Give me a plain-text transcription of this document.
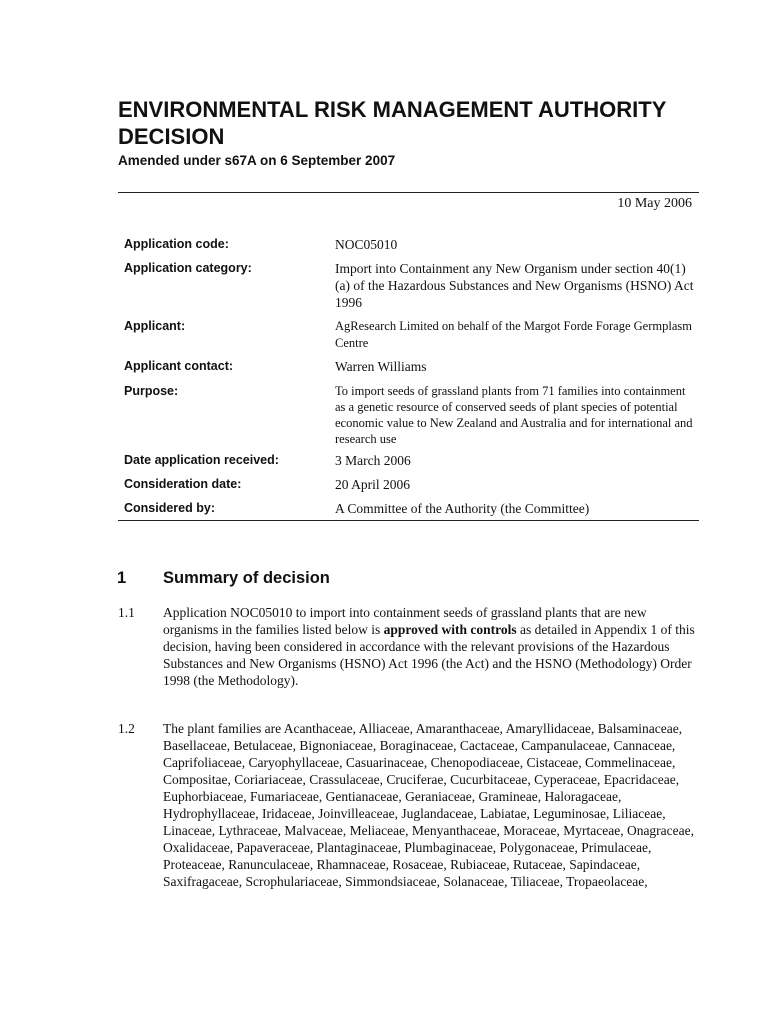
ENVIRONMENTAL RISK MANAGEMENT AUTHORITY DECISION
Amended under s67A on 6 September 2007
10 May 2006
Application code:	NOC05010
Application category:	Import into Containment any New Organism under section 40(1)(a) of the Hazardous Substances and New Organisms (HSNO) Act 1996
Applicant:	AgResearch Limited on behalf of the Margot Forde Forage Germplasm Centre
Applicant contact:	Warren Williams
Purpose:	To import seeds of grassland plants from 71 families into containment as a genetic resource of conserved seeds of plant species of potential economic value to New Zealand and Australia and for international and research use
Date application received:	3 March 2006
Consideration date:	20 April 2006
Considered by:	A Committee of the Authority (the Committee)
1 Summary of decision
1.1 Application NOC05010 to import into containment seeds of grassland plants that are new organisms in the families listed below is approved with controls as detailed in Appendix 1 of this decision, having been considered in accordance with the relevant provisions of the Hazardous Substances and New Organisms (HSNO) Act 1996 (the Act) and the HSNO (Methodology) Order 1998 (the Methodology).
1.2 The plant families are Acanthaceae, Alliaceae, Amaranthaceae, Amaryllidaceae, Balsaminaceae, Basellaceae, Betulaceae, Bignoniaceae, Boraginaceae, Cactaceae, Campanulaceae, Cannaceae, Caprifoliaceae, Caryophyllaceae, Casuarinaceae, Chenopodiaceae, Cistaceae, Commelinaceae, Compositae, Coriariaceae, Crassulaceae, Cruciferae, Cucurbitaceae, Cyperaceae, Epacridaceae, Euphorbiaceae, Fumariaceae, Gentianaceae, Geraniaceae, Gramineae, Haloragaceae, Hydrophyllaceae, Iridaceae, Joinvilleaceae, Juglandaceae, Labiatae, Leguminosae, Liliaceae, Linaceae, Lythraceae, Malvaceae, Meliaceae, Menyanthaceae, Moraceae, Myrtaceae, Onagraceae, Oxalidaceae, Papaveraceae, Plantaginaceae, Plumbaginaceae, Polygonaceae, Primulaceae, Proteaceae, Ranunculaceae, Rhamnaceae, Rosaceae, Rubiaceae, Rutaceae, Sapindaceae, Saxifragaceae, Scrophulariaceae, Simmondsiaceae, Solanaceae, Tiliaceae, Tropaeolaceae,
